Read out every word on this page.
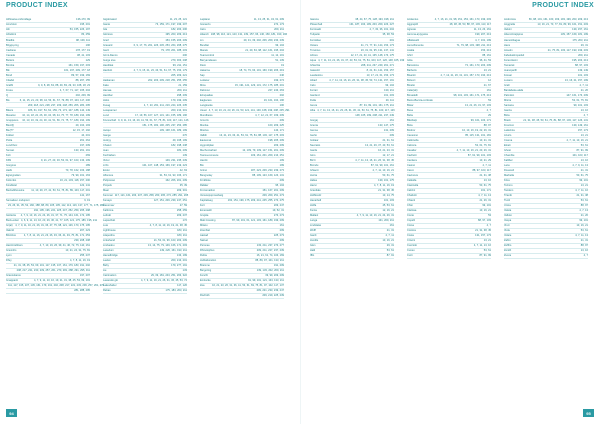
PRODUCT INDEX
Abhisana embroidage	136-170, 99
Ann/ulum	195, 201
Alti	53, 155, 226, 197
Arbelloni	83, 259
Bradbé	98, 109, 111
Brigqq-ring	196
Cadrane	178, 177, 19
Canade	38, 41, 103
Butters	129
Bomba	161, 159, 197, 203
Bik	161, 197, 209, 177, 18
Bond	89, 57, 199, 169
Citadel	88, 267, 155
Graffit	9, 9, 8, 28, 63, 88, 49, 83, 29, 33, 168, 18, 23
Fresa	4, 7, 67, 71, 117, 165, 204
Q	202, 209, 99
Bis	6, 11, 15, 21, 23, 38, 44, 53, 61, 67, 79, 88, 97, 103, 117, 206
209, 218, 221, 228, 237, 239, 248, 259, 266, 284, 295
Bikers	186, 61, 197, 54, 62, 159, 73, 173, 107, 188, 144, 149
Maxelon	10, 14, 18, 22, 26, 30, 34, 38, 44, 75, 77, 78, 189, 194, 199
Gruppetoo	10, 13, 16, 19, 24, 30, 41, 51, 66, 72, 75, 77, 189, 194, 199
Bienl(l)	29, 164, 193
Bie(??	12, 15, 17, 192
Fokker	44, 201
Pivila	261, 264
Lunchbox	197, 209
Sunset	133, 261, 191
Kolt	269
Kiffit	9, 21, 27, 23, 33, 53, 61, 97, 103, 133, 199
Gorgone	189
Haibi	70, 78, 162, 163, 188
Egretypelian	79, 99, 161, 163
Kolombo	16, 21, 103, 118, 157, 200
Kondletel	122, 141
Beclodithousine	11, 13, 29, 37, 41, 53, 61, 75, 81, 89, 103, 117, 201
141, 167
Semadeur ondupont	9, 19
23, 26, 31, 35, 52, 182, 188, 88, 89, 105, 105, 112, 113, 116, 137, 177, 71, 175, 180
192, 195, 196, 221, 225, 247, 252, 259, 265, 298
Giotteria	4, 7, 9, 13, 16, 21, 24, 26, 31, 37, 71, 75, 144, 161, 172, 195
Buck-ecker 4, 6, 9, 11, 13, 16, 23, 26, 36, 41, 77, 105, 121, 175, 186, 195, 211
Gr(al) 4, 7, 9, 11, 16, 21, 26, 31, 36, 47, 75, 98, 121, 126, 170, 175, 195
Valerdi	207, 223
Bricitrice	4, 7, 8, 11, 16, 21, 23, 26, 33, 36, 41, 49, 75, 81, 171, 253
239, 208, 208
Hard-brebbers	4, 7, 13, 19, 26, 39, 41, 46, 72, 75, 110, 161
Grevinhs	13, 21, 24, 31, 75, 81
Lyon	255, 237
Ffley	4, 7, 8, 11, 16, 19
21, 31, 38, 45, 53, 69, 101, 117, 135, 137, 161, 179, 183, 191, 202
208, 217, 221, 233, 239, 257, 261, 270, 281, 288, 291, 295, 311
Granoolance	197, 207
Gnappanti	4, 7, 9, 11, 13, 16, 19, 21, 31, 38, 45, 53, 69, 101
111, 117, 135, 137, 145, 161, 179, 191, 202, 208, 217, 221, 233, 239, 257, 261, 270
281, 288, 295
Gigdonated	11, 23, 25, 121
Gante	73, 159, 171, 197, 199, 207
Gla	182, 203, 206
Glorious	195, 203, 209, 213
Greif	153, 155, 206, 209
Gravard	6, 9, 17, 76, 201, 226, 245, 253, 264, 268, 275
Gazz	79, 178, 201, 188, 203
Gzmi-blanco	200
Gurge sive	279, 303, 208
Handikat	99, 211, 151
Hanbott	4, 7, 9, 15, 21, 23, 43, 51, 61, 67, 75, 153, 179
205, 209, 221
Haitiaman	202, 203, 209, 218, 251, 255, 255
Fake	21, 159
Hamaa	209, 211
Haniibar	298, 209
Hobo	179, 199, 209
Fusag	4, 7, 23, 201, 211, 219, 224, 226, 235
Lexapanner	200, 213, 301
Lund	17, 19, 56, 107, 127, 131, 141, 155, 189, 196
Krumschaft 9, 9, 11, 13, 16, 29, 41, 53, 61, 67, 75, 81, 103, 117, 121, 146
151, 175, 182, 196, 205, 237, 253, 285
Jacqui	109, 138, 161, 189, 199
Gange	270
Jenkyy	49, 168, 199
Chaturi	182, 198, 238
Jean	182, 209
Kuchtaban	139
Victor	149, 231, 235, 239
LOG	101, 107, 148, 153, 169, 197, 219, 223
Enoki	42, 63
Alfonone	31, 53, 61, 93, 166, 171
Pulipresso	162, 206, 201, 209
Propels	35, 39
Maar	209, 301
Kemmar 117, 121, 161, 203, 237, 239, 258, 263, 265, 273, 285, 291, 295
Kenaye	127, 151, 209, 239, 247, 251
Harunnav	27, 59
Kalforma	258, 259
Lefrekt	209, 237
Lapsuthatt	172
Lute	4, 7, 8, 11, 13, 16, 19, 21, 38, 45
Lighthouse	183, 211
Lilaperdra	180, 211
Linkshand	21, 53, 61, 96, 103, 203, 209
Limbadou	13, 14, 75, 79, 149, 166, 171, 203
Lacedum	149, 226, 161, 193, 211
Hamelbridge	133, 199
Laulux	200, 213, 201
Beby	179, 277, 191
Lie	133
Catrimation	29, 39, 181, 243, 251, 263, 322
Lavaredo glo	4, 7, 9, 11, 16, 21, 26, 31, 36, 45, 53, 74
Lakeshaber	117, 126
Rebas	175, 183, 203, 211
Lapitano	11, 13, 25, 31, 43, 61, 209
Gorauzio	272, 173
Irazu	209, 211
Hitanch 108, 98, 116, 121, 123, 131, 139, 157, 96, 146, 160, 181, 190, 196
Lin	29, 31, 39, 202, 206, 209, 233, 239
Bundlat	99, 104
Marais	21, 29, 63, 98, 112, 161, 195, 204
Teamcontrol	11, 12, 101
Bezyamdeauo	51, 139
Diem	19
Hakarna	18, 74, 79, 93, 101, 160, 199, 206, 219
Sap	246
Ledaner	199, 274
Mina	15, 191, 121, 129, 131, 172, 175, 185, 201
Dahonut	227, 243, 263
Erinqualias	202
Eaglecare	19, 101, 164, 196
Langkooke	100
Jisuet 4, 7, 13, 16, 21, 23, 26, 31, 53, 121, 141, 149, 168, 199, 208, 235, 291
Mundbeiss	4, 7, 12, 21, 67, 169, 209
Grovzix	209
Monika	100, 209, 225
Misclus	143, 171
Vallidi	13, 21, 23, 33, 41, 53, 61, 75, 81, 88, 103, 117, 175, 203
Eautemat	198, 205, 209
Hygrodiplan	209, 209
Mecho-barbair	12, 109, 79, 109, 117, 151, 201, 209
Tasma-remesce	109, 161, 201, 209, 213, 251
Hanrik	109
Bio	199
Grimo	187, 223, 209, 233, 239, 273
Bengnolay	88, 109, 123, 169, 123, 131
Frnkbiste	209
Rafaler	95, 104
Fronsmattivo	151, 167, 201, 209
Vemetopopmaxbarg	209, 209, 251, 273
Kapitalweg	163, 151, 199, 175, 209, 241, 245, 255, 273, 275
Fert	209, 247
Emerasdir	19, 52, 31
Grujola	273, 273
Malz-brewing	87, 99, 101, 61, 121, 103, 161, 189, 199, 209
Milano	161
Zoenbiel	209
Aastad	225, 273
Nakvel	209
Peronas	133, 211, 237, 273, 277
Rhinolophus	209, 211, 227, 237, 239
Rubia	16, 21, 61, 74, 103, 169
Hufitaboration	88, 89, 97, 101, 133, 211
Bramme	191, 209
Bergoring	139, 133, 202, 209, 211
Fencht	39, 99, 209, 209
Ennlocke	91, 99, 101, 121, 133, 133, 211
Zea	16, 21, 23, 26, 31, 36, 41, 53, 61, 69, 75, 81, 97, 102, 117, 137
209, 221, 233, 239, 247
Rocholb	209, 219, 225, 239
94
PRODUCT INDEX
Isarena	38, 44, 67, 75, 128, 193, 198, 211
Plavenhalt	131, 187, 193, 199, 203, 209, 223, 227
Ferrosatti	4, 7, 33, 36, 161, 204
Tulipatto	35, 38, 53
Ferrokleo	201
Ostara	41, 71, 77, 91, 124, 153, 173
Trovinius	23, 31, 61, 95, 131, 137, 141
Arbore	12, 17, 21, 23, 41, 135, 148, 173, 175
Aqua 4, 7, 11, 13, 21, 26, 31, 37, 43, 53, 61, 75, 81, 103, 117, 126, 148, 165, 199
Ghiazzia	208, 211, 237, 249, 261, 271
Gaiavitiz	8, 21, 61, 121, 153, 157
Laudestinu	13, 17, 21, 61, 153, 173
Abiazi	4, 7, 11, 13, 16, 21, 26, 31, 38, 45, 53, 74, 131, 157, 191
Cafu	99, 104
Ferrari	139, 211
Gardenz	161, 203
Dulla	29, 111
Gevra	87, 91, 99, 101, 161, 175, 211
Alba 4, 7, 11, 13, 16, 21, 23, 26, 31, 36, 41, 53, 61, 75, 81, 103, 117, 126
148, 165, 199, 208, 211, 237, 249
Gorgaj	161
Grenta	133, 147, 175
Genoa	131, 209
Gerlio	209
Goltaar	21, 31, 61
Neccatto	13, 21, 29, 37, 43, 53, 61
Garde	16, 21, 23, 31
Gino	12, 17, 21
Bizzi	4, 7, 11, 13, 16, 21, 26, 31, 38, 45
Brondu	87, 91, 99, 101, 161
Ghiacci	4, 7, 11, 13, 16, 21
Hurria	53, 61, 75
Hafea	139, 161, 175
Hanvi	4, 7, 8, 11, 16, 19
Grandale	21, 31, 38, 45
Hoffkovitz	13, 14, 75
Hanarbell	101, 103
Hoffa	45, 53, 61
Kunta	12, 16, 21
Mallani	4, 7, 9, 11, 13, 16, 21, 24, 26, 31
Langa	131, 209, 211
Lindoleke	161
Wolff	21, 31
Gardi	4, 7, 11
Hundle	13, 16, 21
Glen	29, 31
Halli	53, 61
Ifflo	87, 91
Acolenius	4, 7, 16, 21, 31, 98, 151, 153, 161, 173, 199, 203
Aggrapi/II	28, 38, 45, 53, 88, 97, 103, 113, 117
Agreste	11, 13, 23, 161
Aemma-a(u)gusta	199, 207, 213
Affattavelli	4, 7, 161, 199
Aumolfomente	71, 79, 98, 103, 198, 211, 213
Axalta	153, 213
Ghirl	88, 161
Gitta	36, 41, 53
Barcelona	73, 161, 173, 203, 209
Barberis	13, 21
Bisantti	4, 7, 12, 21, 26, 31, 131, 157, 173, 193, 213
Bolucci	12
Bicatto	21, 67
Calar(ali)	161
Bonadelli	98, 101, 103, 161, 171, 175, 213
Busto-Beccia-corticale	53
Bisiar	13, 21, 26, 31, 97, 103
Busa	4, 7
Belia	29
Bikoltarp	99, 101, 103, 171
Bivia	88, 97
Bodnor	10, 13, 16, 19, 22, 26, 31
Canesino	85, 115, 131, 161, 181
Callonella	13, 21, 31
Cabrera	53, 61, 75, 81
Cavalier	4, 7, 11, 13, 16, 21, 23, 26, 31
Cachetti	87, 91, 99, 101, 103
Cantiera	13, 21, 29
Casino	4, 7, 11
Carvo	88, 97, 103, 117
Cacinova	21, 31, 38
Calleida	13, 16
Ciacinella	53, 61, 75
Cabrini	161, 171
Chabotti	4, 7, 11, 13
Chianti	21, 26, 31
Chisi	99, 101
Clarissa	13, 16, 21
Conte	53
Copelli	88, 97, 103
Corsa	4, 7
Corsica	21, 31, 38, 45
Costa	131, 157, 173
Crisoni	13, 21
Cucciolo	4, 7, 11, 13, 16
Cuneo	53, 61
Curti	87, 91, 99
Andronica	66, 98, 101, 161, 163, 169, 193, 199, 203, 209, 213
Anggrella	13, 16, 21, 73, 77, 81, 83, 99, 101, 151, 203
Valsini	139, 157, 161
Abend-brajiqone	139, 157, 169, 181, 199
Hamocibagua	175, 203, 211
Hans	29, 31
Anselm	21, 75, 81, 103, 117, 193, 199, 203
Fabeluskimpeduli	209, 211
Ferenckeini	195, 203, 213
Tamarisk	88, 97, 103
Jeanoparfil	139, 149
Fossar	101, 103
Lucano	13, 16, 21, 157, 199
Grafi	4, 7, 11
Bardabeke-alafa	21, 26
Palmdon	147, 161, 173, 209
Mitcra	53, 61, 75, 81
Santana	99, 101, 103
Garcia	13, 16
Bicia	4, 7
Brack	21, 31, 38, 45, 53, 61, 75, 81, 88, 97, 103, 117, 126, 131
Frevinco	139, 149, 161
Laderinia	157, 173
Azurio	13, 21
Cosma	4, 7, 11, 13, 16, 21
Elcatt	53, 61
Ghost	87, 91, 99
Chamble	101, 103, 117
Kalliber	13, 16
Lanu	4, 7, 9, 11, 13
Dovecell	21, 31
Marbella	53, 61, 75
Kriss	99, 101
Torinno	13, 21
Tandem	4, 7, 11, 16
Trianfo	21, 31, 38
Tivoli	53, 61
Unica	88, 97
Veleta	4, 7, 13
Velluto	21, 26
Vespa	99, 101
Vinci	13, 16, 21
Viola	53, 61
Volare	4, 7, 11, 13
Zafiro	21, 31
Zeffiro	88, 97
Zenith	13, 16
Zucca	4, 7
95
